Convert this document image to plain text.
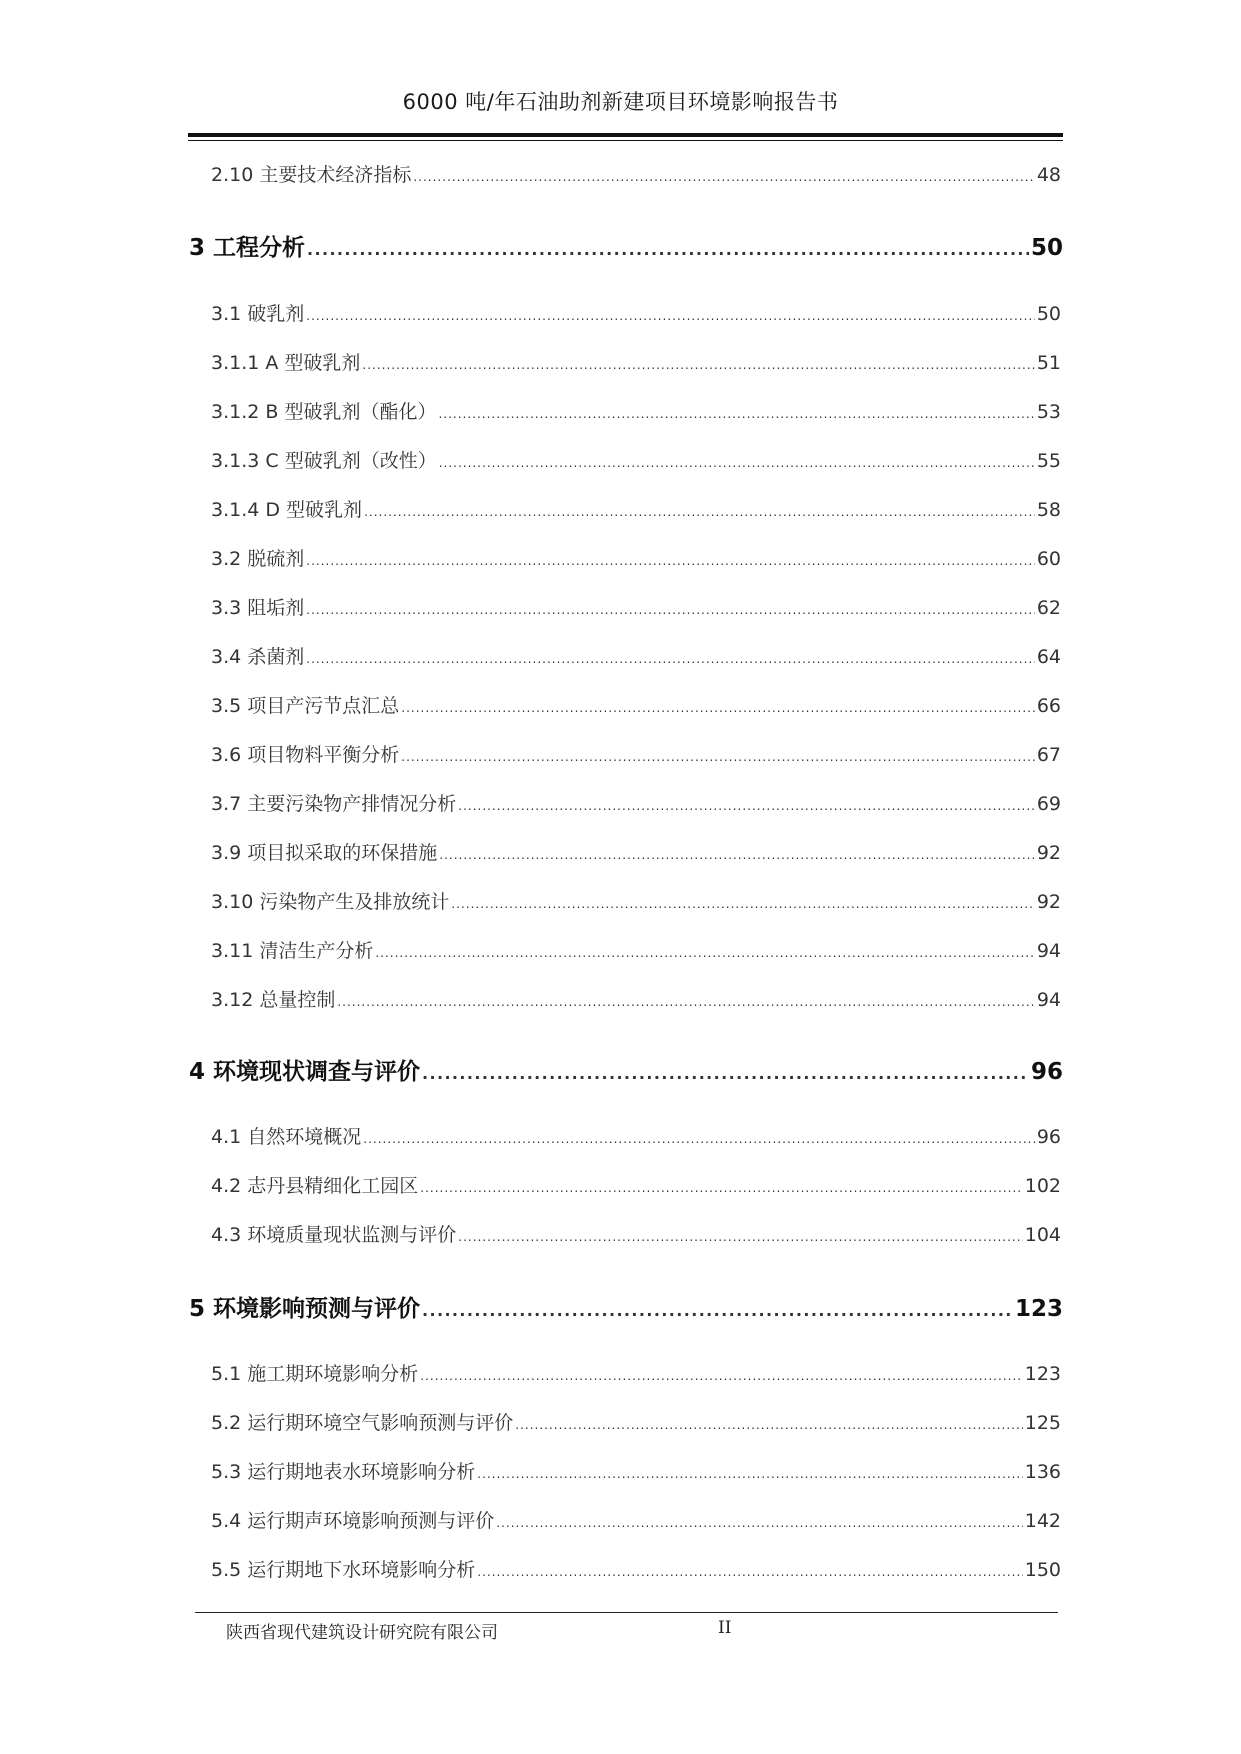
6000 吨/年石油助剂新建项目环境影响报告书
2.10 主要技术经济指标 .....	48
3 工程分析 .....	50
3.1 破乳剂 .....	50
3.1.1 A 型破乳剂 .....	51
3.1.2 B 型破乳剂（酯化） .....	53
3.1.3 C 型破乳剂（改性） .....	55
3.1.4 D 型破乳剂 .....	58
3.2 脱硫剂 .....	60
3.3 阻垢剂 .....	62
3.4 杀菌剂 .....	64
3.5 项目产污节点汇总 .....	66
3.6 项目物料平衡分析 .....	67
3.7 主要污染物产排情况分析 .....	69
3.9 项目拟采取的环保措施 .....	92
3.10 污染物产生及排放统计 .....	92
3.11 清洁生产分析 .....	94
3.12 总量控制 .....	94
4 环境现状调查与评价 .....	96
4.1 自然环境概况 .....	96
4.2 志丹县精细化工园区 .....	102
4.3 环境质量现状监测与评价 .....	104
5 环境影响预测与评价 .....	123
5.1 施工期环境影响分析 .....	123
5.2 运行期环境空气影响预测与评价 .....	125
5.3 运行期地表水环境影响分析 .....	136
5.4 运行期声环境影响预测与评价 .....	142
5.5 运行期地下水环境影响分析 .....	150
陕西省现代建筑设计研究院有限公司	II
